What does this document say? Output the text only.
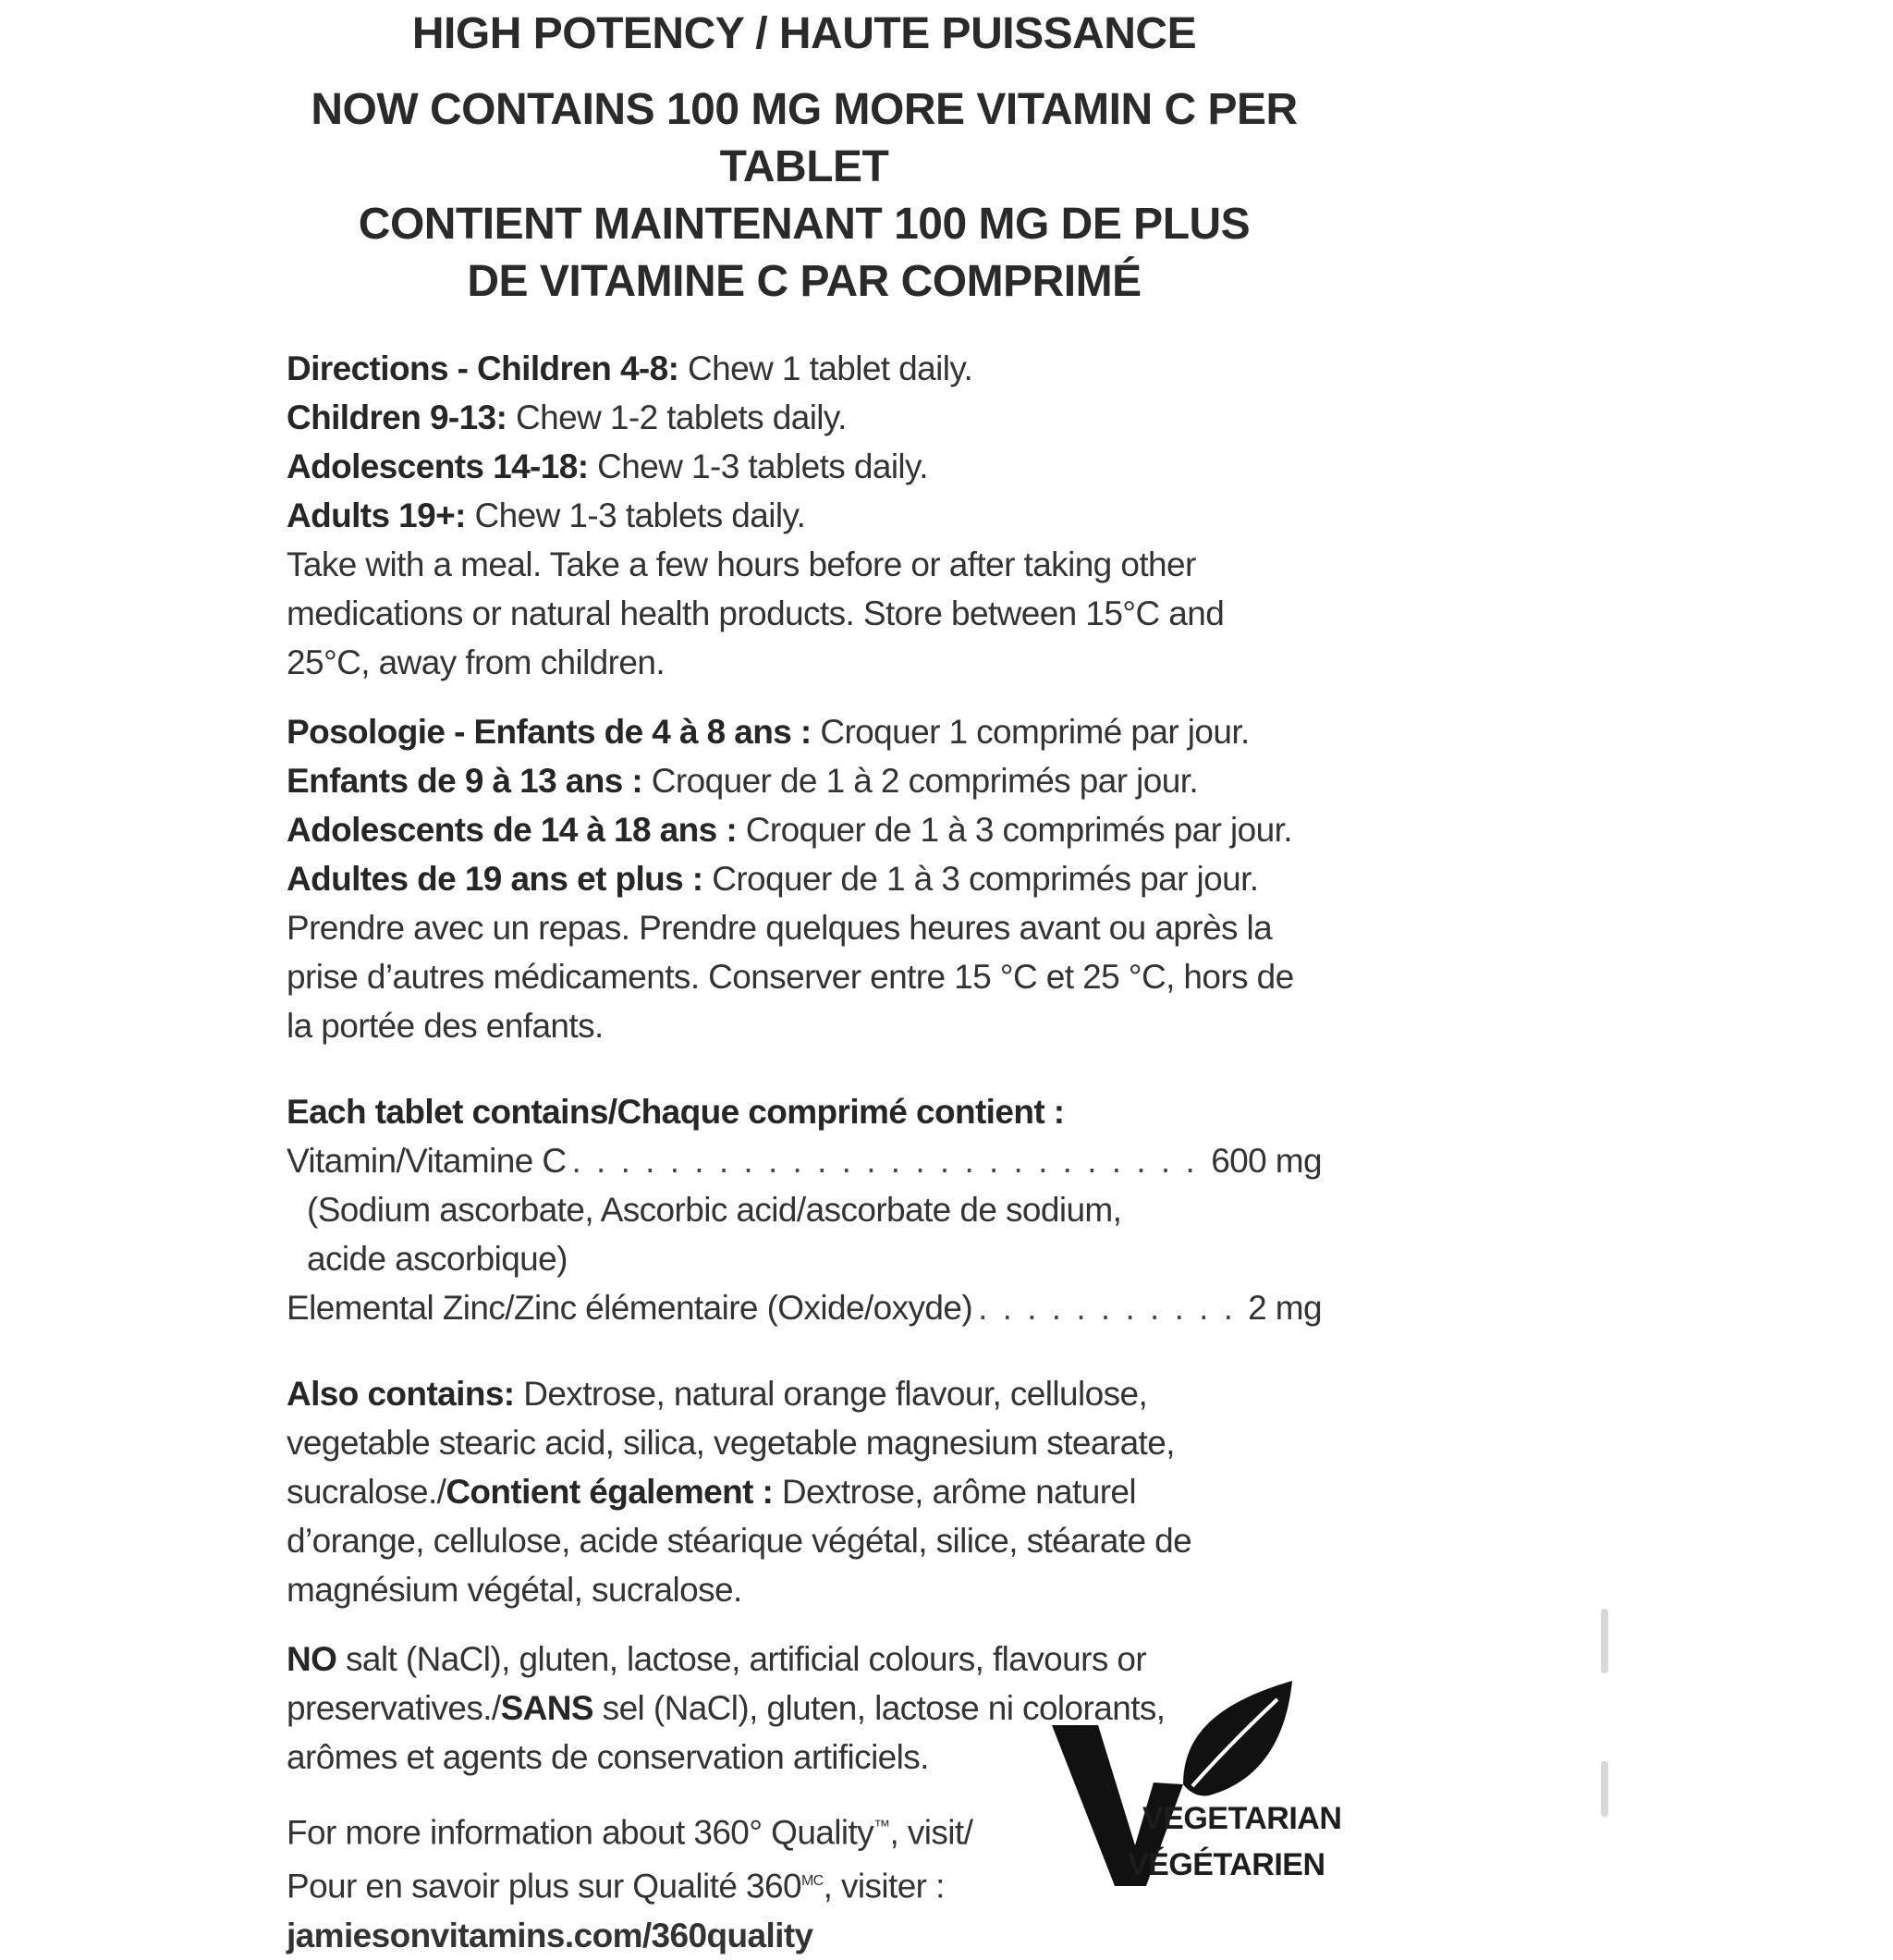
HIGH POTENCY / HAUTE PUISSANCE
NOW CONTAINS 100 MG MORE VITAMIN C PER TABLET
CONTIENT MAINTENANT 100 MG DE PLUS
DE VITAMINE C PAR COMPRIMÉ

Directions - Children 4-8: Chew 1 tablet daily.

Children 9-13: Chew 1-2 tablets daily.

Adolescents 14-18: Chew 1-3 tablets daily.

Adults 19+: Chew 1-3 tablets daily.

Take with a meal. Take a few hours before or after taking other medications or natural health products. Store between 15°C and 25°C, away from children.

Posologie - Enfants de 4 à 8 ans : Croquer 1 comprimé par jour.

Enfants de 9 à 13 ans : Croquer de 1 à 2 comprimés par jour.

Adolescents de 14 à 18 ans : Croquer de 1 à 3 comprimés par jour.

Adultes de 19 ans et plus : Croquer de 1 à 3 comprimés par jour.

Prendre avec un repas. Prendre quelques heures avant ou après la prise d’autres médicaments. Conserver entre 15 °C et 25 °C, hors de la portée des enfants.

Each tablet contains/Chaque comprimé contient :

Vitamin/Vitamine C . . .	600 mg

(Sodium ascorbate, Ascorbic acid/ascorbate de sodium,

acide ascorbique)

Elemental Zinc/Zinc élémentaire (Oxide/oxyde) . . .	2 mg

Also contains: Dextrose, natural orange flavour, cellulose, vegetable stearic acid, silica, vegetable magnesium stearate, sucralose./Contient également : Dextrose, arôme naturel d’orange, cellulose, acide stéarique végétal, silice, stéarate de magnésium végétal, sucralose.

NO salt (NaCl), gluten, lactose, artificial colours, flavours or preservatives./SANS sel (NaCl), gluten, lactose ni colorants, arômes et agents de conservation artificiels.

For more information about 360° Quality™, visit/

Pour en savoir plus sur Qualité $360^{MC}$, visiter :

jamiesonvitamins.com/360quality

VEGETARIAN
VÉGÉTARIEN
